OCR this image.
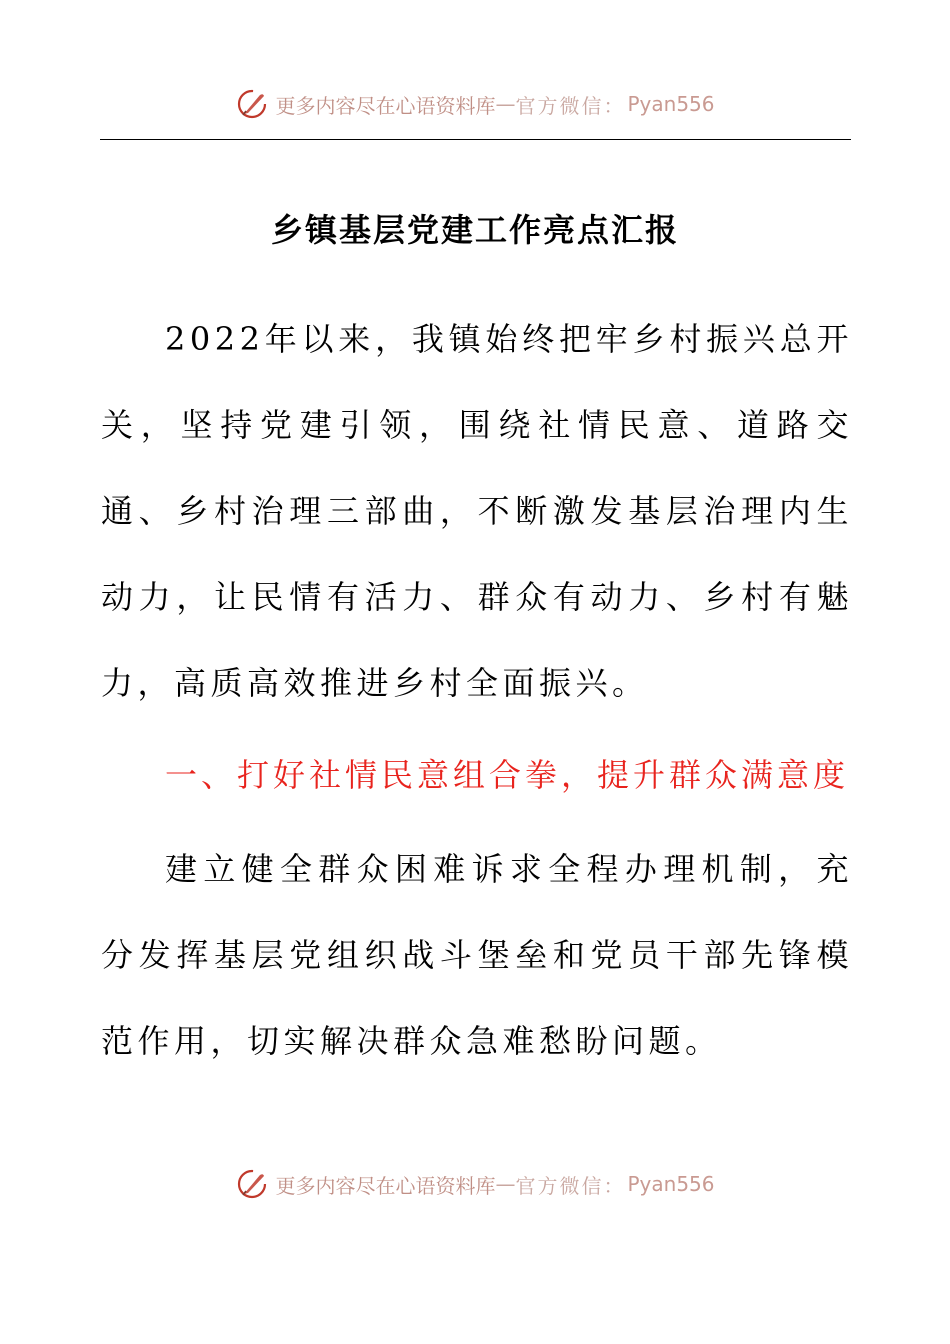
更多内容尽在心语资料库 — 官方微信： Pyan556
乡镇基层党建工作亮点汇报

2022年以来，我镇始终把牢乡村振兴总开关，坚持党建引领，围绕社情民意、道路交通、乡村治理三部曲，不断激发基层治理内生动力，让民情有活力、群众有动力、乡村有魅力，高质高效推进乡村全面振兴。

一、打好社情民意组合拳，提升群众满意度

建立健全群众困难诉求全程办理机制，充分发挥基层党组织战斗堡垒和党员干部先锋模范作用，切实解决群众急难愁盼问题。

更多内容尽在心语资料库 — 官方微信： Pyan556
